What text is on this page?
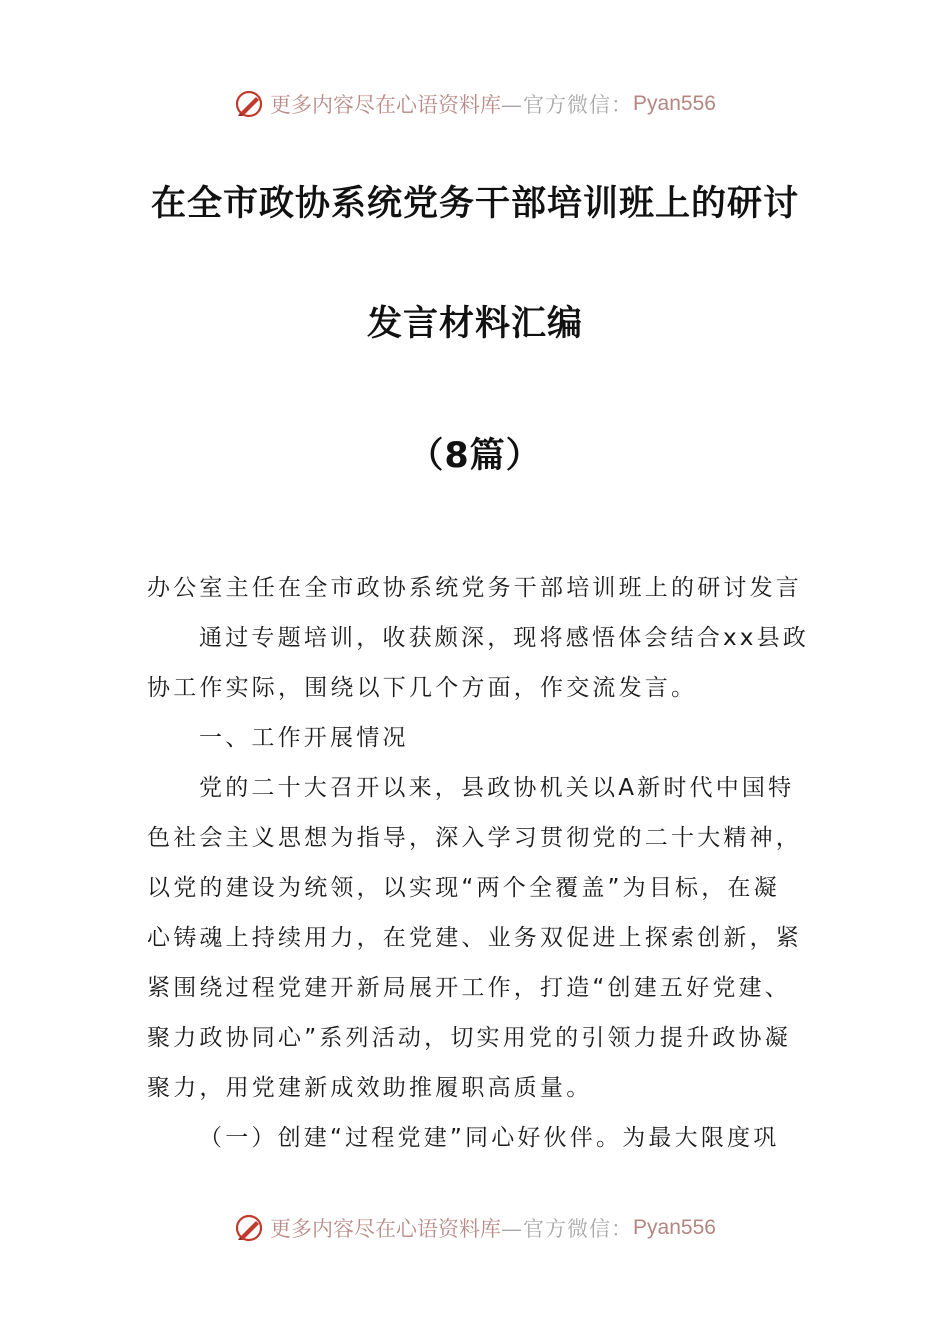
更多内容尽在心语资料库 —官方微信： Pyan556
在全市政协系统党务干部培训班上的研讨
发言材料汇编
（8篇）
办公室主任在全市政协系统党务干部培训班上的研讨发言
通过专题培训，收获颇深，现将感悟体会结合xx县政
协工作实际，围绕以下几个方面，作交流发言。
一、工作开展情况
党的二十大召开以来，县政协机关以A新时代中国特
色社会主义思想为指导，深入学习贯彻党的二十大精神，
以党的建设为统领，以实现“两个全覆盖”为目标，在凝
心铸魂上持续用力，在党建、业务双促进上探索创新，紧
紧围绕过程党建开新局展开工作，打造“创建五好党建、
聚力政协同心”系列活动，切实用党的引领力提升政协凝
聚力，用党建新成效助推履职高质量。
（一）创建“过程党建”同心好伙伴。为最大限度巩
更多内容尽在心语资料库 —官方微信： Pyan556
